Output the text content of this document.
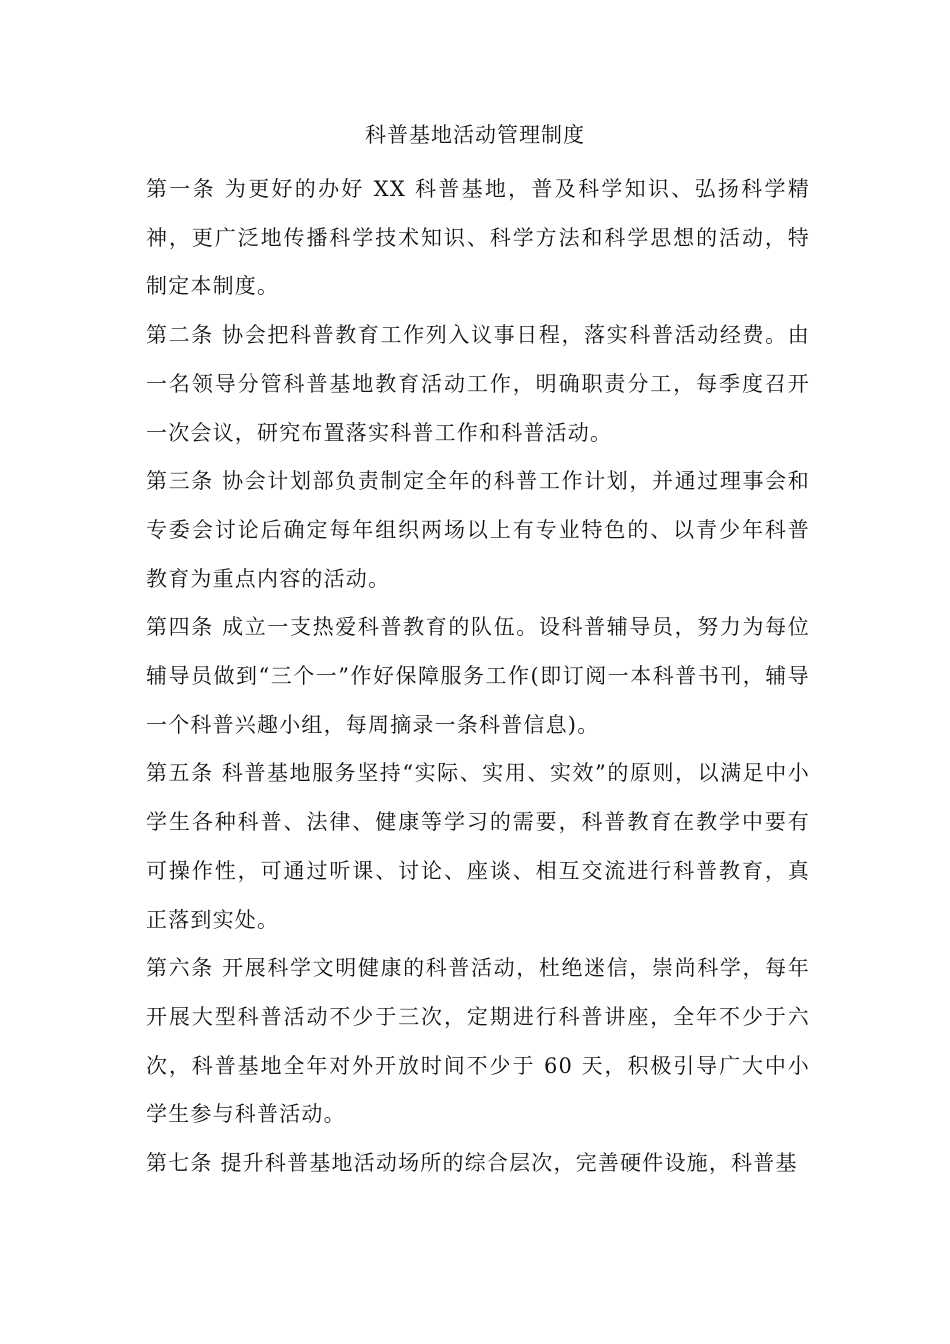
科普基地活动管理制度

第一条 为更好的办好 XX 科普基地，普及科学知识、弘扬科学精神，更广泛地传播科学技术知识、科学方法和科学思想的活动，特制定本制度。

第二条 协会把科普教育工作列入议事日程，落实科普活动经费。由一名领导分管科普基地教育活动工作，明确职责分工，每季度召开一次会议，研究布置落实科普工作和科普活动。

第三条 协会计划部负责制定全年的科普工作计划，并通过理事会和专委会讨论后确定每年组织两场以上有专业特色的、以青少年科普教育为重点内容的活动。

第四条 成立一支热爱科普教育的队伍。设科普辅导员，努力为每位辅导员做到“三个一”作好保障服务工作(即订阅一本科普书刊，辅导一个科普兴趣小组，每周摘录一条科普信息)。

第五条 科普基地服务坚持“实际、实用、实效”的原则，以满足中小学生各种科普、法律、健康等学习的需要，科普教育在教学中要有可操作性，可通过听课、讨论、座谈、相互交流进行科普教育，真正落到实处。

第六条 开展科学文明健康的科普活动，杜绝迷信，崇尚科学，每年开展大型科普活动不少于三次，定期进行科普讲座，全年不少于六次，科普基地全年对外开放时间不少于 60 天，积极引导广大中小学生参与科普活动。

第七条 提升科普基地活动场所的综合层次，完善硬件设施，科普基
